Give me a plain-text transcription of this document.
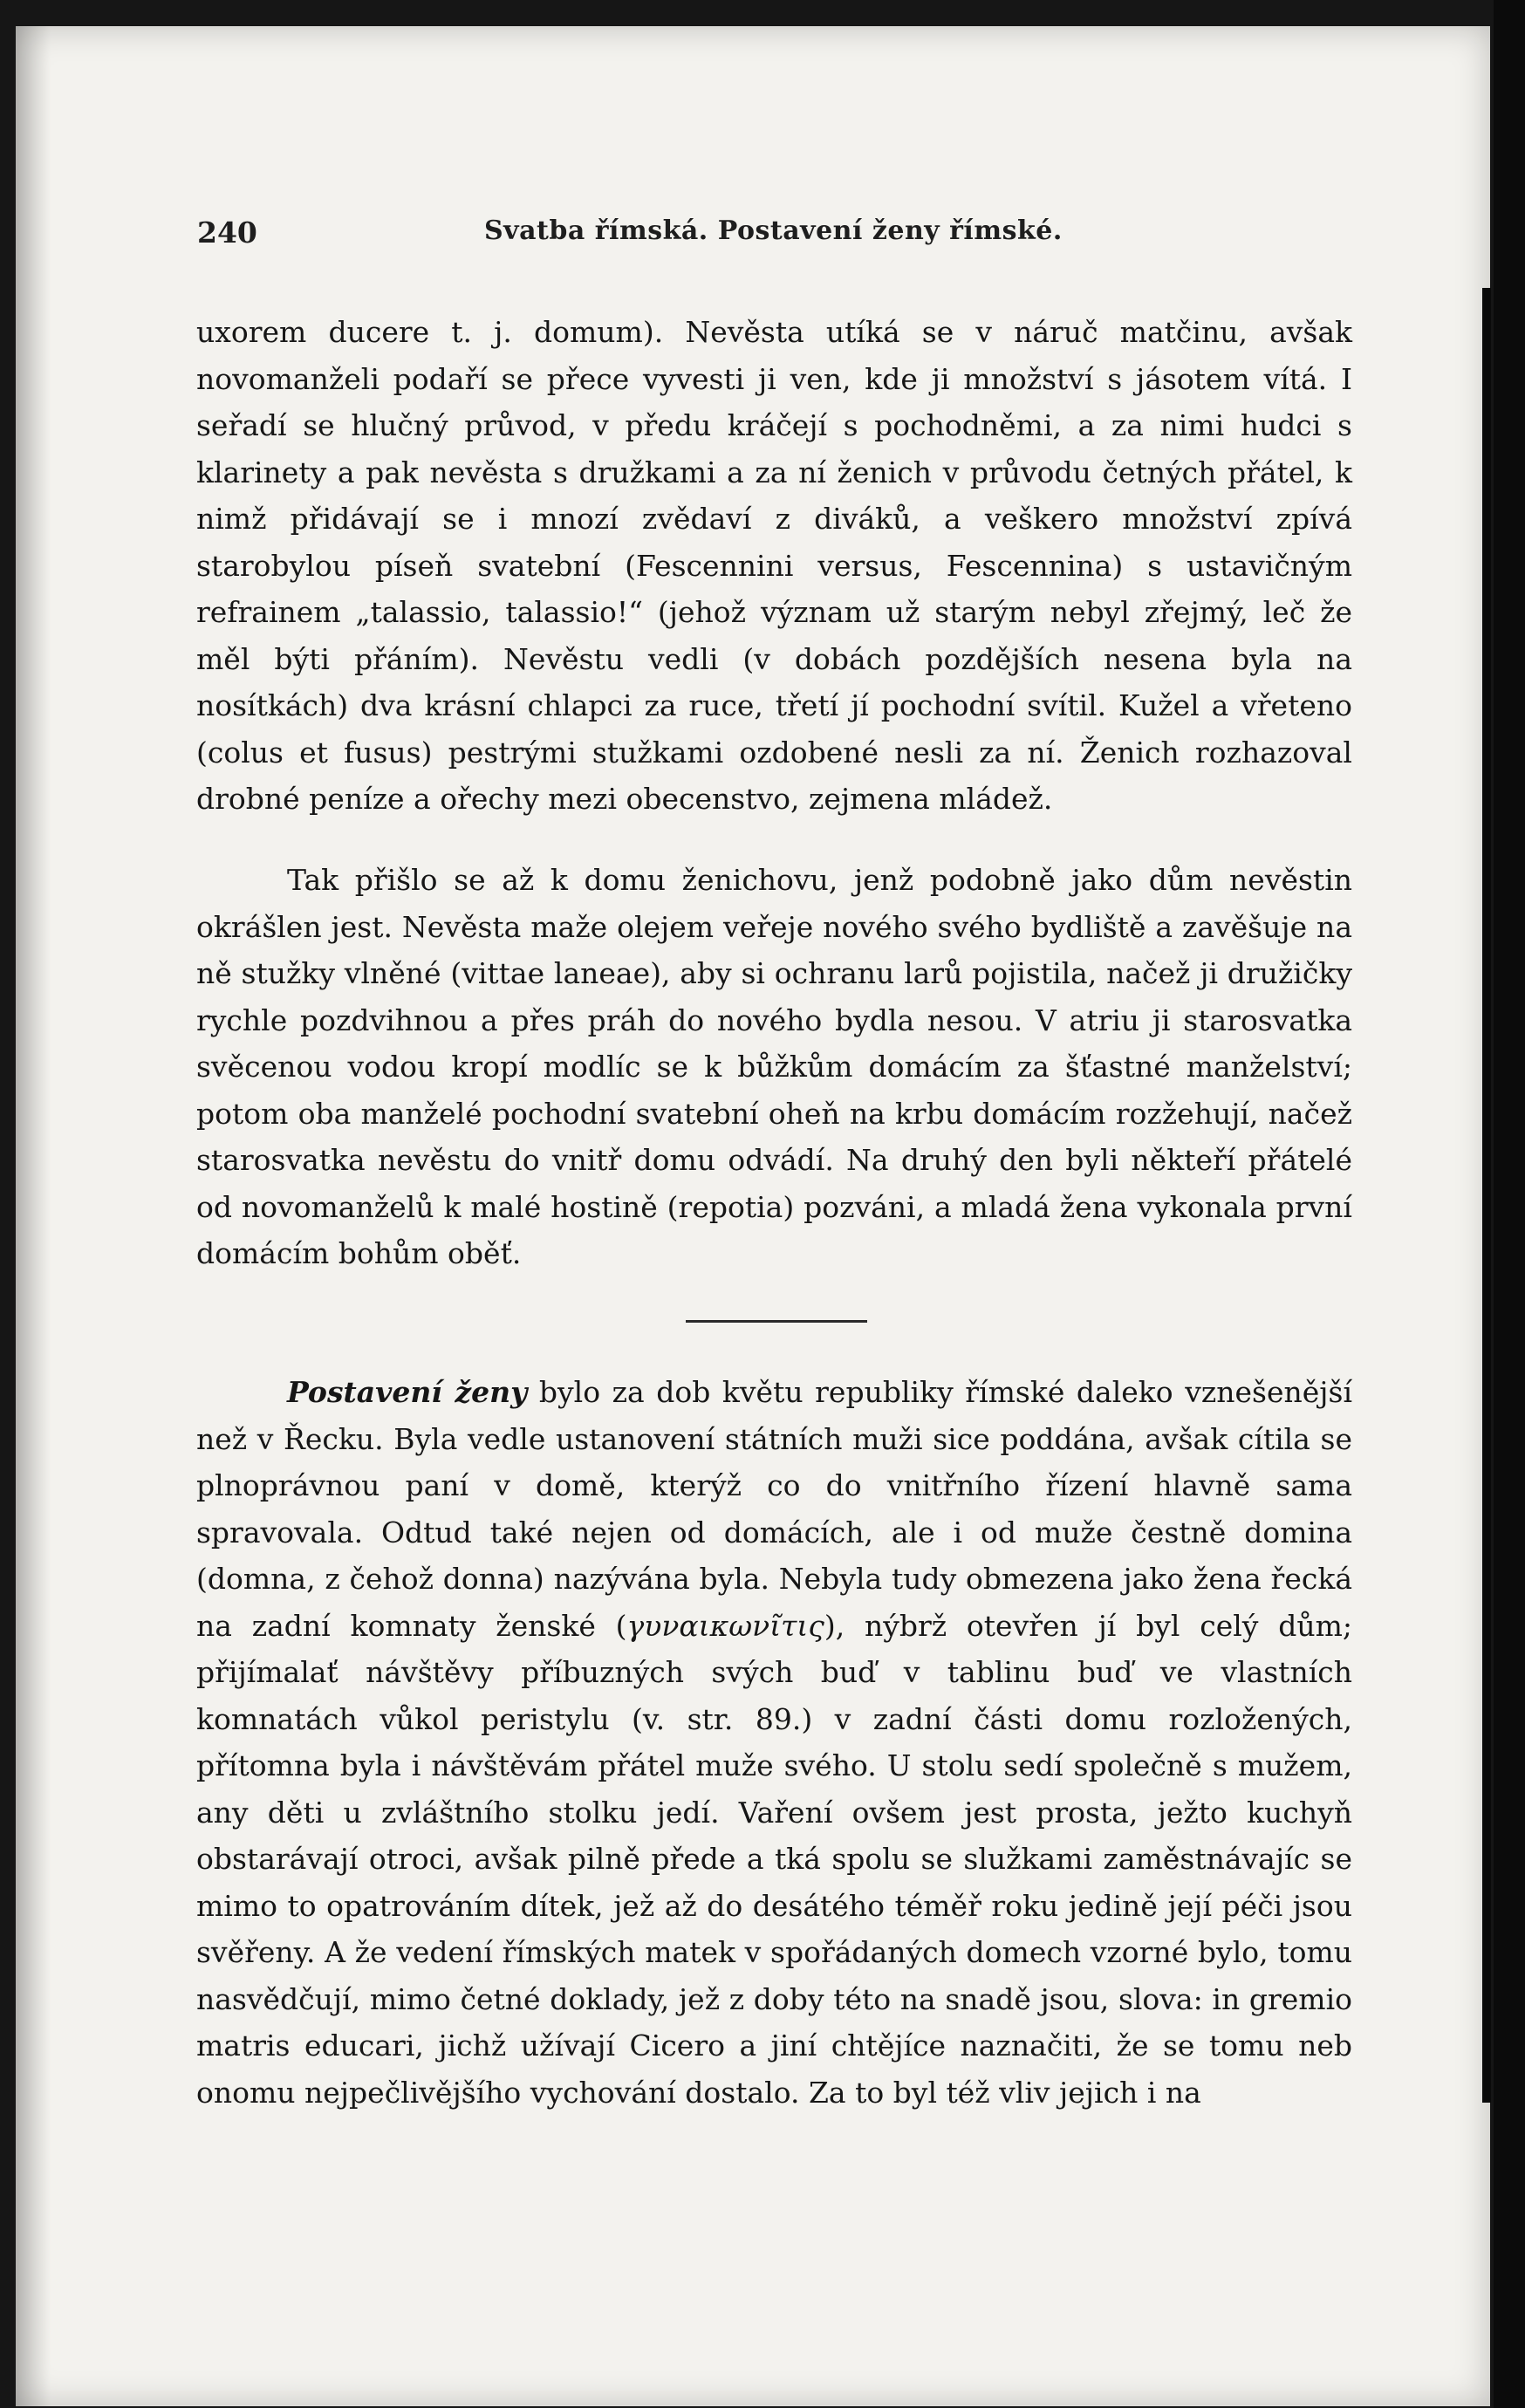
240	Svatba římská. Postavení ženy římské.
uxorem ducere t. j. domum). Nevěsta utíká se v náruč matčinu, avšak novomanželi podaří se přece vyvesti ji ven, kde ji množství s jásotem vítá. I seřadí se hlučný průvod, v předu kráčejí s pochodněmi, a za nimi hudci s klarinety a pak nevěsta s družkami a za ní ženich v průvodu četných přátel, k nimž přidávají se i mnozí zvědaví z diváků, a veškero množství zpívá starobylou píseň svatební (Fescennini versus, Fescennina) s ustavičným refrainem „talassio, talassio!“ (jehož význam už starým nebyl zřejmý, leč že měl býti přáním). Nevěstu vedli (v dobách pozdějších nesena byla na nosítkách) dva krásní chlapci za ruce, třetí jí pochodní svítil. Kužel a vřeteno (colus et fusus) pestrými stužkami ozdobené nesli za ní. Ženich rozhazoval drobné peníze a ořechy mezi obecenstvo, zejmena mládež.
Tak přišlo se až k domu ženichovu, jenž podobně jako dům nevěstin okrášlen jest. Nevěsta maže olejem veřeje nového svého bydliště a zavěšuje na ně stužky vlněné (vittae laneae), aby si ochranu larů pojistila, načež ji družičky rychle pozdvihnou a přes práh do nového bydla nesou. V atriu ji starosvatka svěcenou vodou kropí modlíc se k bůžkům domácím za šťastné manželství; potom oba manželé pochodní svatební oheň na krbu domácím rozžehují, načež starosvatka nevěstu do vnitř domu odvádí. Na druhý den byli někteří přátelé od novomanželů k malé hostině (repotia) pozváni, a mladá žena vykonala první domácím bohům oběť.
Postavení ženy bylo za dob květu republiky římské daleko vznešenější než v Řecku. Byla vedle ustanovení státních muži sice poddána, avšak cítila se plnoprávnou paní v domě, kterýž co do vnitřního řízení hlavně sama spravovala. Odtud také nejen od domácích, ale i od muže čestně domina (domna, z čehož donna) nazývána byla. Nebyla tudy obmezena jako žena řecká na zadní komnaty ženské (γυναικωνῖτις), nýbrž otevřen jí byl celý dům; přijímalať návštěvy příbuzných svých buď v tablinu buď ve vlastních komnatách vůkol peristylu (v. str. 89.) v zadní části domu rozložených, přítomna byla i návštěvám přátel muže svého. U stolu sedí společně s mužem, any děti u zvláštního stolku jedí. Vaření ovšem jest prosta, ježto kuchyň obstarávají otroci, avšak pilně přede a tká spolu se služkami zaměstnávajíc se mimo to opatrováním dítek, jež až do desátého téměř roku jedině její péči jsou svěřeny. A že vedení římských matek v spořádaných domech vzorné bylo, tomu nasvědčují, mimo četné doklady, jež z doby této na snadě jsou, slova: in gremio matris educari, jichž užívají Cicero a jiní chtějíce naznačiti, že se tomu neb onomu nejpečlivějšího vychování dostalo. Za to byl též vliv jejich i na
